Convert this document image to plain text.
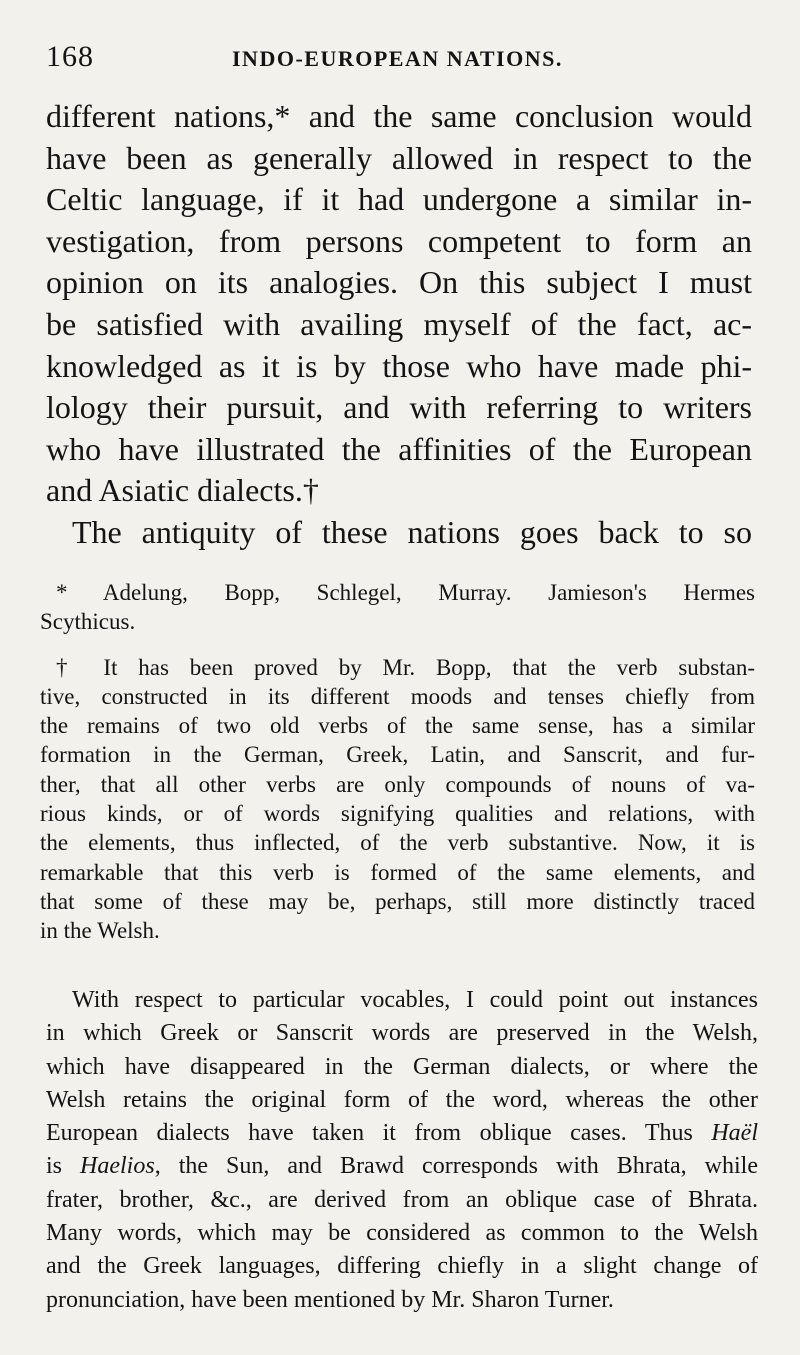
168	INDO-EUROPEAN NATIONS.
different nations,* and the same conclusion would
have been as generally allowed in respect to the
Celtic language, if it had undergone a similar in-
vestigation, from persons competent to form an
opinion on its analogies. On this subject I must
be satisfied with availing myself of the fact, ac-
knowledged as it is by those who have made phi-
lology their pursuit, and with referring to writers
who have illustrated the affinities of the European
and Asiatic dialects.†
The antiquity of these nations goes back to so
* Adelung, Bopp, Schlegel, Murray. Jamieson's Hermes
Scythicus.
† It has been proved by Mr. Bopp, that the verb substan-
tive, constructed in its different moods and tenses chiefly from
the remains of two old verbs of the same sense, has a similar
formation in the German, Greek, Latin, and Sanscrit, and fur-
ther, that all other verbs are only compounds of nouns of va-
rious kinds, or of words signifying qualities and relations, with
the elements, thus inflected, of the verb substantive. Now, it is
remarkable that this verb is formed of the same elements, and
that some of these may be, perhaps, still more distinctly traced
in the Welsh.
With respect to particular vocables, I could point out instances
in which Greek or Sanscrit words are preserved in the Welsh,
which have disappeared in the German dialects, or where the
Welsh retains the original form of the word, whereas the other
European dialects have taken it from oblique cases. Thus Haël
is Haelios, the Sun, and Brawd corresponds with Bhrata, while
frater, brother, &c., are derived from an oblique case of Bhrata.
Many words, which may be considered as common to the Welsh
and the Greek languages, differing chiefly in a slight change of
pronunciation, have been mentioned by Mr. Sharon Turner.
